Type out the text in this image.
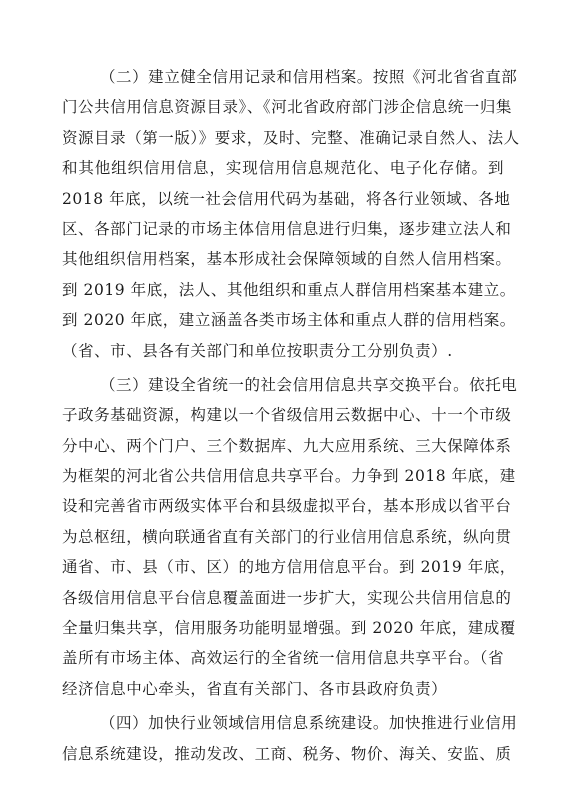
（二）建立健全信用记录和信用档案。按照《河北省省直部
门公共信用信息资源目录》、《河北省政府部门涉企信息统一归集
资源目录（第一版）》要求，及时、完整、准确记录自然人、法人
和其他组织信用信息，实现信用信息规范化、电子化存储。到
2018 年底，以统一社会信用代码为基础，将各行业领域、各地
区、各部门记录的市场主体信用信息进行归集，逐步建立法人和
其他组织信用档案，基本形成社会保障领域的自然人信用档案。
到 2019 年底，法人、其他组织和重点人群信用档案基本建立。
到 2020 年底，建立涵盖各类市场主体和重点人群的信用档案。
（省、市、县各有关部门和单位按职责分工分别负责）.
（三）建设全省统一的社会信用信息共享交换平台。依托电
子政务基础资源，构建以一个省级信用云数据中心、十一个市级
分中心、两个门户、三个数据库、九大应用系统、三大保障体系
为框架的河北省公共信用信息共享平台。力争到 2018 年底，建
设和完善省市两级实体平台和县级虚拟平台，基本形成以省平台
为总枢纽，横向联通省直有关部门的行业信用信息系统，纵向贯
通省、市、县（市、区）的地方信用信息平台。到 2019 年底，
各级信用信息平台信息覆盖面进一步扩大，实现公共信用信息的
全量归集共享，信用服务功能明显增强。到 2020 年底，建成覆
盖所有市场主体、高效运行的全省统一信用信息共享平台。（省
经济信息中心牵头，省直有关部门、各市县政府负责）
（四）加快行业领域信用信息系统建设。加快推进行业信用
信息系统建设，推动发改、工商、税务、物价、海关、安监、质
